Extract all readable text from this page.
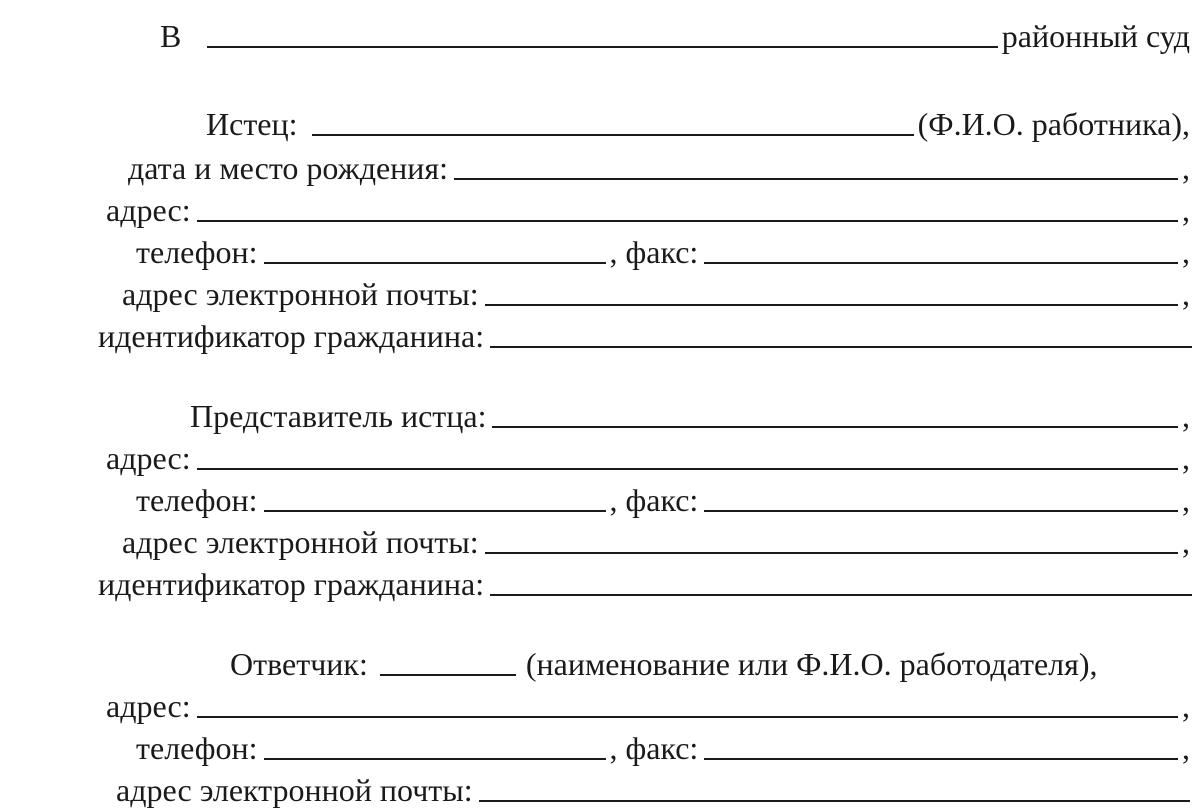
В	районный суд
Истец:	(Ф.И.О. работника),
дата и место рождения:	,
адрес:	,
телефон:	, факс:	,
адрес электронной почты:	,
идентификатор гражданина:
Представитель истца:	,
адрес:	,
телефон:	, факс:	,
адрес электронной почты:	,
идентификатор гражданина:
Ответчик:	(наименование или Ф.И.О. работодателя),
адрес:	,
телефон:	, факс:	,
адрес электронной почты:
